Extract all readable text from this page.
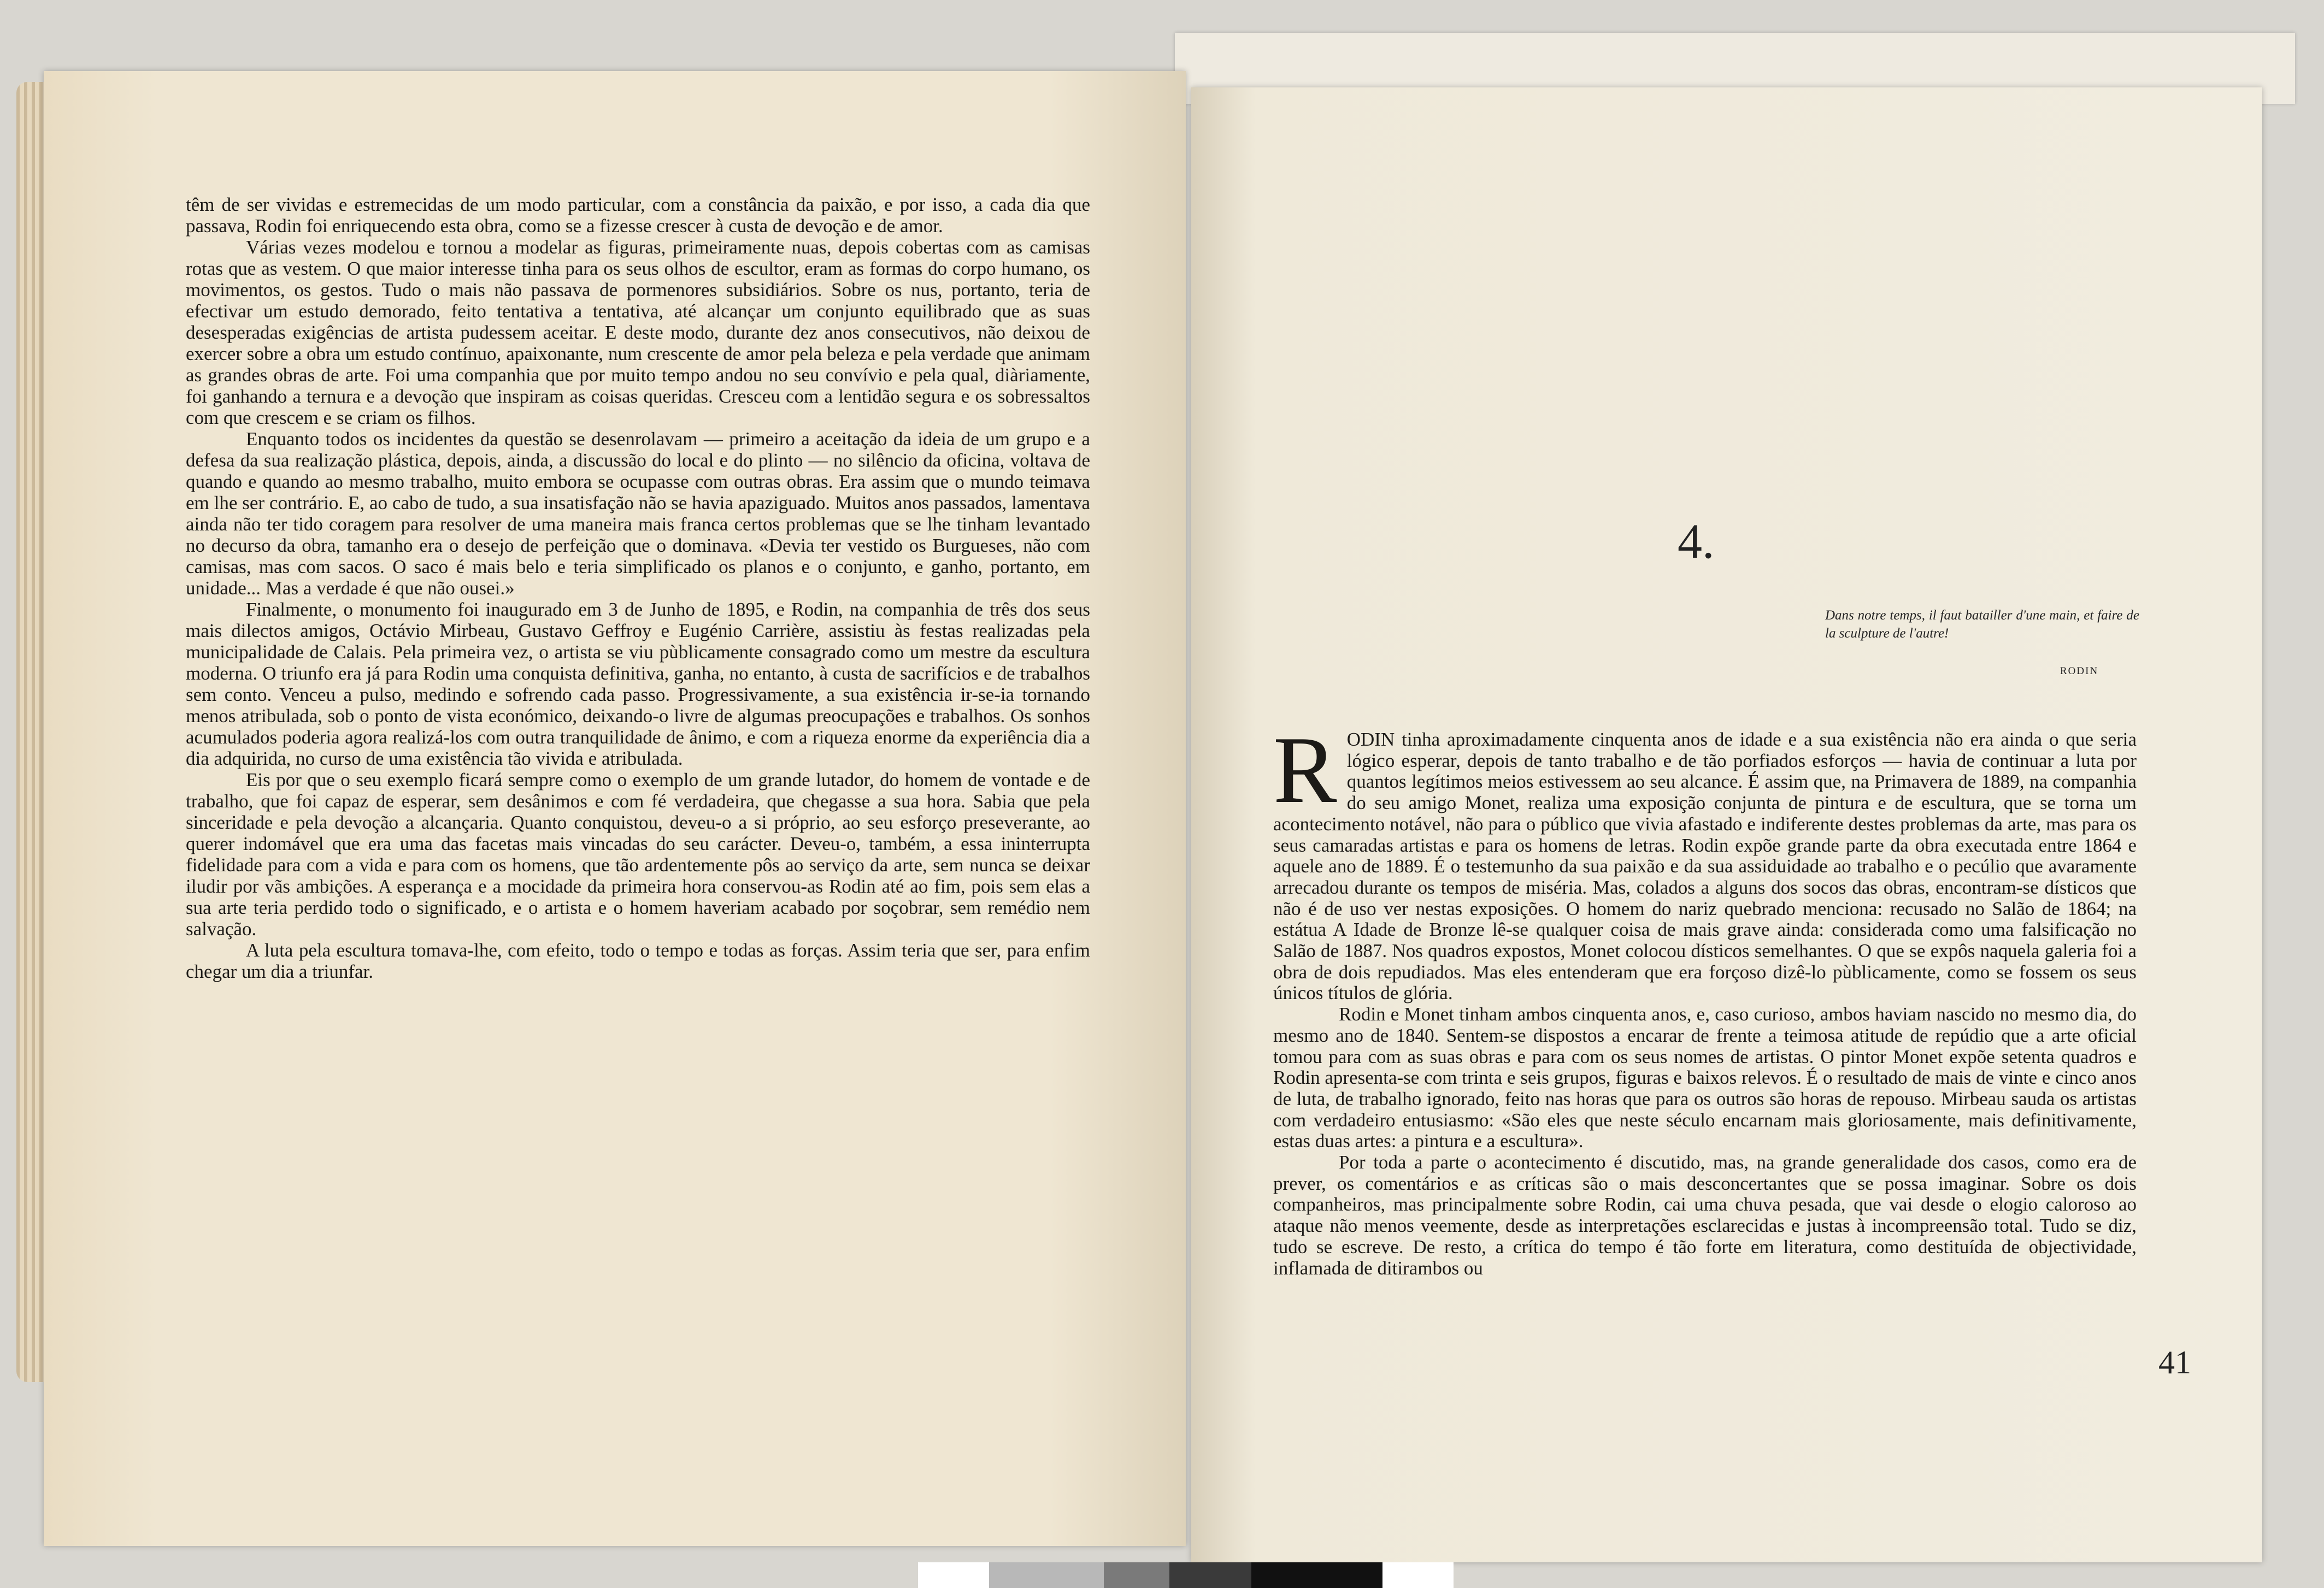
têm de ser vividas e estremecidas de um modo particular, com a constância da paixão, e por isso, a cada dia que passava, Rodin foi enriquecendo esta obra, como se a fizesse crescer à custa de devoção e de amor.

Várias vezes modelou e tornou a modelar as figuras, primeiramente nuas, depois cobertas com as camisas rotas que as vestem. O que maior interesse tinha para os seus olhos de escultor, eram as formas do corpo humano, os movimentos, os gestos. Tudo o mais não passava de pormenores subsidiários. Sobre os nus, portanto, teria de efectivar um estudo demorado, feito tentativa a tentativa, até alcançar um conjunto equilibrado que as suas desesperadas exigências de artista pudessem aceitar. E deste modo, durante dez anos consecutivos, não deixou de exercer sobre a obra um estudo contínuo, apaixonante, num crescente de amor pela beleza e pela verdade que animam as grandes obras de arte. Foi uma companhia que por muito tempo andou no seu convívio e pela qual, diàriamente, foi ganhando a ternura e a devoção que inspiram as coisas queridas. Cresceu com a lentidão segura e os sobressaltos com que crescem e se criam os filhos.

Enquanto todos os incidentes da questão se desenrolavam — primeiro a aceitação da ideia de um grupo e a defesa da sua realização plástica, depois, ainda, a discussão do local e do plinto — no silêncio da oficina, voltava de quando e quando ao mesmo trabalho, muito embora se ocupasse com outras obras. Era assim que o mundo teimava em lhe ser contrário. E, ao cabo de tudo, a sua insatisfação não se havia apaziguado. Muitos anos passados, lamentava ainda não ter tido coragem para resolver de uma maneira mais franca certos problemas que se lhe tinham levantado no decurso da obra, tamanho era o desejo de perfeição que o dominava. «Devia ter vestido os Burgueses, não com camisas, mas com sacos. O saco é mais belo e teria simplificado os planos e o conjunto, e ganho, portanto, em unidade... Mas a verdade é que não ousei.»

Finalmente, o monumento foi inaugurado em 3 de Junho de 1895, e Rodin, na companhia de três dos seus mais dilectos amigos, Octávio Mirbeau, Gustavo Geffroy e Eugénio Carrière, assistiu às festas realizadas pela municipalidade de Calais. Pela primeira vez, o artista se viu pùblicamente consagrado como um mestre da escultura moderna. O triunfo era já para Rodin uma conquista definitiva, ganha, no entanto, à custa de sacrifícios e de trabalhos sem conto. Venceu a pulso, medindo e sofrendo cada passo. Progressivamente, a sua existência ir-se-ia tornando menos atribulada, sob o ponto de vista económico, deixando-o livre de algumas preocupações e trabalhos. Os sonhos acumulados poderia agora realizá-los com outra tranquilidade de ânimo, e com a riqueza enorme da experiência dia a dia adquirida, no curso de uma existência tão vivida e atribulada.

Eis por que o seu exemplo ficará sempre como o exemplo de um grande lutador, do homem de vontade e de trabalho, que foi capaz de esperar, sem desânimos e com fé verdadeira, que chegasse a sua hora. Sabia que pela sinceridade e pela devoção a alcançaria. Quanto conquistou, deveu-o a si próprio, ao seu esforço preseverante, ao querer indomável que era uma das facetas mais vincadas do seu carácter. Deveu-o, também, a essa ininterrupta fidelidade para com a vida e para com os homens, que tão ardentemente pôs ao serviço da arte, sem nunca se deixar iludir por vãs ambições. A esperança e a mocidade da primeira hora conservou-as Rodin até ao fim, pois sem elas a sua arte teria perdido todo o significado, e o artista e o homem haveriam acabado por soçobrar, sem remédio nem salvação.

A luta pela escultura tomava-lhe, com efeito, todo o tempo e todas as forças. Assim teria que ser, para enfim chegar um dia a triunfar.

4.
Dans notre temps, il faut batailler d'une main, et faire de la sculpture de l'autre!
RODIN

RODIN tinha aproximadamente cinquenta anos de idade e a sua existência não era ainda o que seria lógico esperar, depois de tanto trabalho e de tão porfiados esforços — havia de continuar a luta por quantos legítimos meios estivessem ao seu alcance. É assim que, na Primavera de 1889, na companhia do seu amigo Monet, realiza uma exposição conjunta de pintura e de escultura, que se torna um acontecimento notável, não para o público que vivia afastado e indiferente destes problemas da arte, mas para os seus camaradas artistas e para os homens de letras. Rodin expõe grande parte da obra executada entre 1864 e aquele ano de 1889. É o testemunho da sua paixão e da sua assiduidade ao trabalho e o pecúlio que avaramente arrecadou durante os tempos de miséria. Mas, colados a alguns dos socos das obras, encontram-se dísticos que não é de uso ver nestas exposições. O homem do nariz quebrado menciona: recusado no Salão de 1864; na estátua A Idade de Bronze lê-se qualquer coisa de mais grave ainda: considerada como uma falsificação no Salão de 1887. Nos quadros expostos, Monet colocou dísticos semelhantes. O que se expôs naquela galeria foi a obra de dois repudiados. Mas eles entenderam que era forçoso dizê-lo pùblicamente, como se fossem os seus únicos títulos de glória.

Rodin e Monet tinham ambos cinquenta anos, e, caso curioso, ambos haviam nascido no mesmo dia, do mesmo ano de 1840. Sentem-se dispostos a encarar de frente a teimosa atitude de repúdio que a arte oficial tomou para com as suas obras e para com os seus nomes de artistas. O pintor Monet expõe setenta quadros e Rodin apresenta-se com trinta e seis grupos, figuras e baixos relevos. É o resultado de mais de vinte e cinco anos de luta, de trabalho ignorado, feito nas horas que para os outros são horas de repouso. Mirbeau sauda os artistas com verdadeiro entusiasmo: «São eles que neste século encarnam mais gloriosamente, mais definitivamente, estas duas artes: a pintura e a escultura».

Por toda a parte o acontecimento é discutido, mas, na grande generalidade dos casos, como era de prever, os comentários e as críticas são o mais desconcertantes que se possa imaginar. Sobre os dois companheiros, mas principalmente sobre Rodin, cai uma chuva pesada, que vai desde o elogio caloroso ao ataque não menos veemente, desde as interpretações esclarecidas e justas à incompreensão total. Tudo se diz, tudo se escreve. De resto, a crítica do tempo é tão forte em literatura, como destituída de objectividade, inflamada de ditirambos ou

41
